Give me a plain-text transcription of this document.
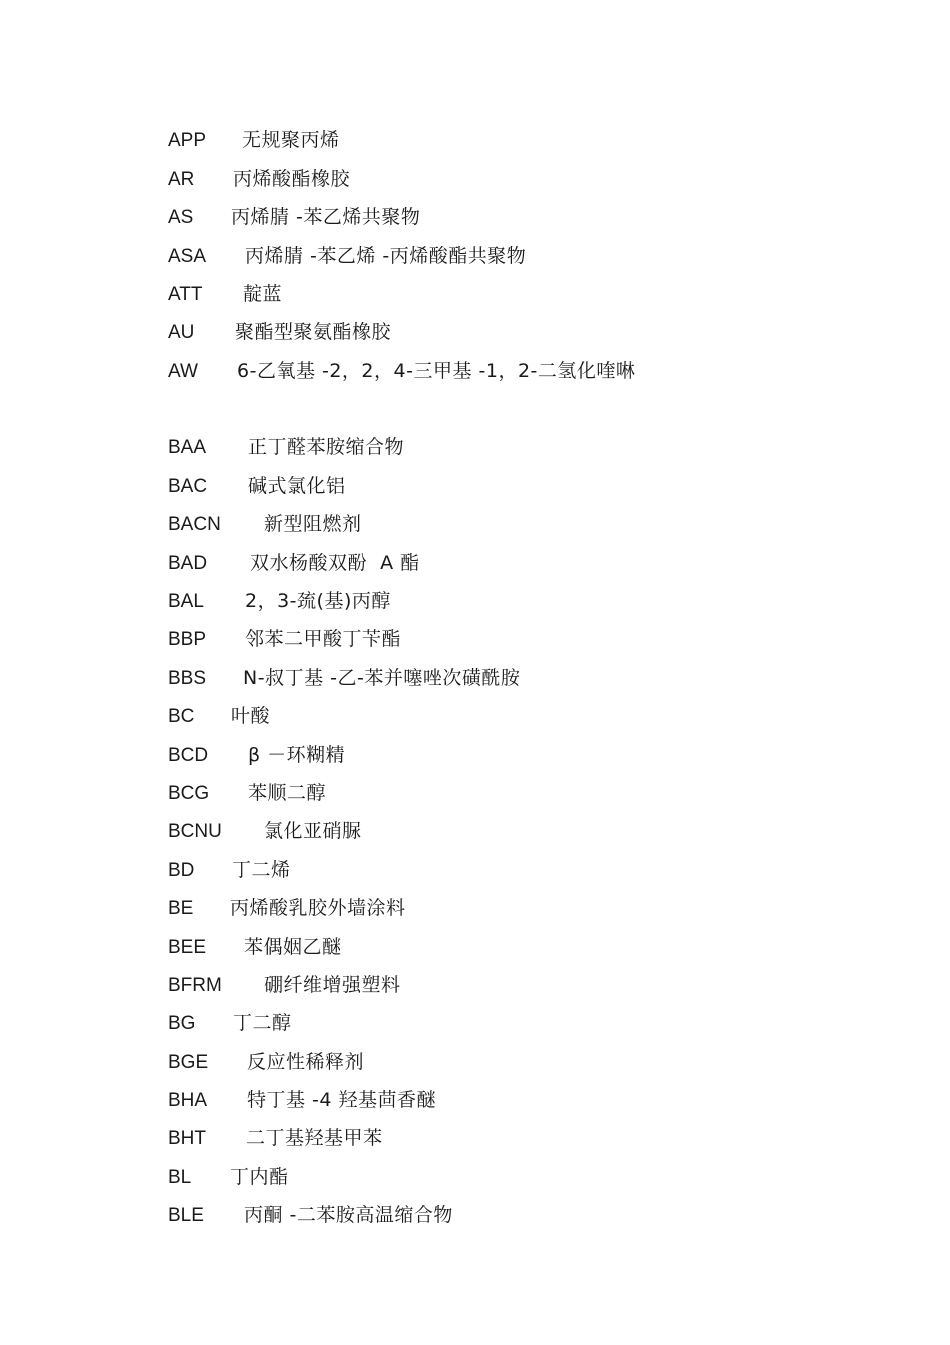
APP 无规聚丙烯
AR 丙烯酸酯橡胶
AS 丙烯腈 -苯乙烯共聚物
ASA 丙烯腈 -苯乙烯 -丙烯酸酯共聚物
ATT 靛蓝
AU 聚酯型聚氨酯橡胶
AW 6-乙氧基 -2，2，4-三甲基 -1，2-二氢化喹啉
BAA 正丁醛苯胺缩合物
BAC 碱式氯化铝
BACN 新型阻燃剂
BAD 双水杨酸双酚  A 酯
BAL 2，3-巯(基)丙醇
BBP 邻苯二甲酸丁苄酯
BBS N-叔丁基 -乙-苯并噻唑次磺酰胺
BC 叶酸
BCD β －环糊精
BCG 苯顺二醇
BCNU 氯化亚硝脲
BD 丁二烯
BE 丙烯酸乳胶外墙涂料
BEE 苯偶姻乙醚
BFRM 硼纤维增强塑料
BG 丁二醇
BGE 反应性稀释剂
BHA 特丁基 -4 羟基茴香醚
BHT 二丁基羟基甲苯
BL 丁内酯
BLE 丙酮 -二苯胺高温缩合物
